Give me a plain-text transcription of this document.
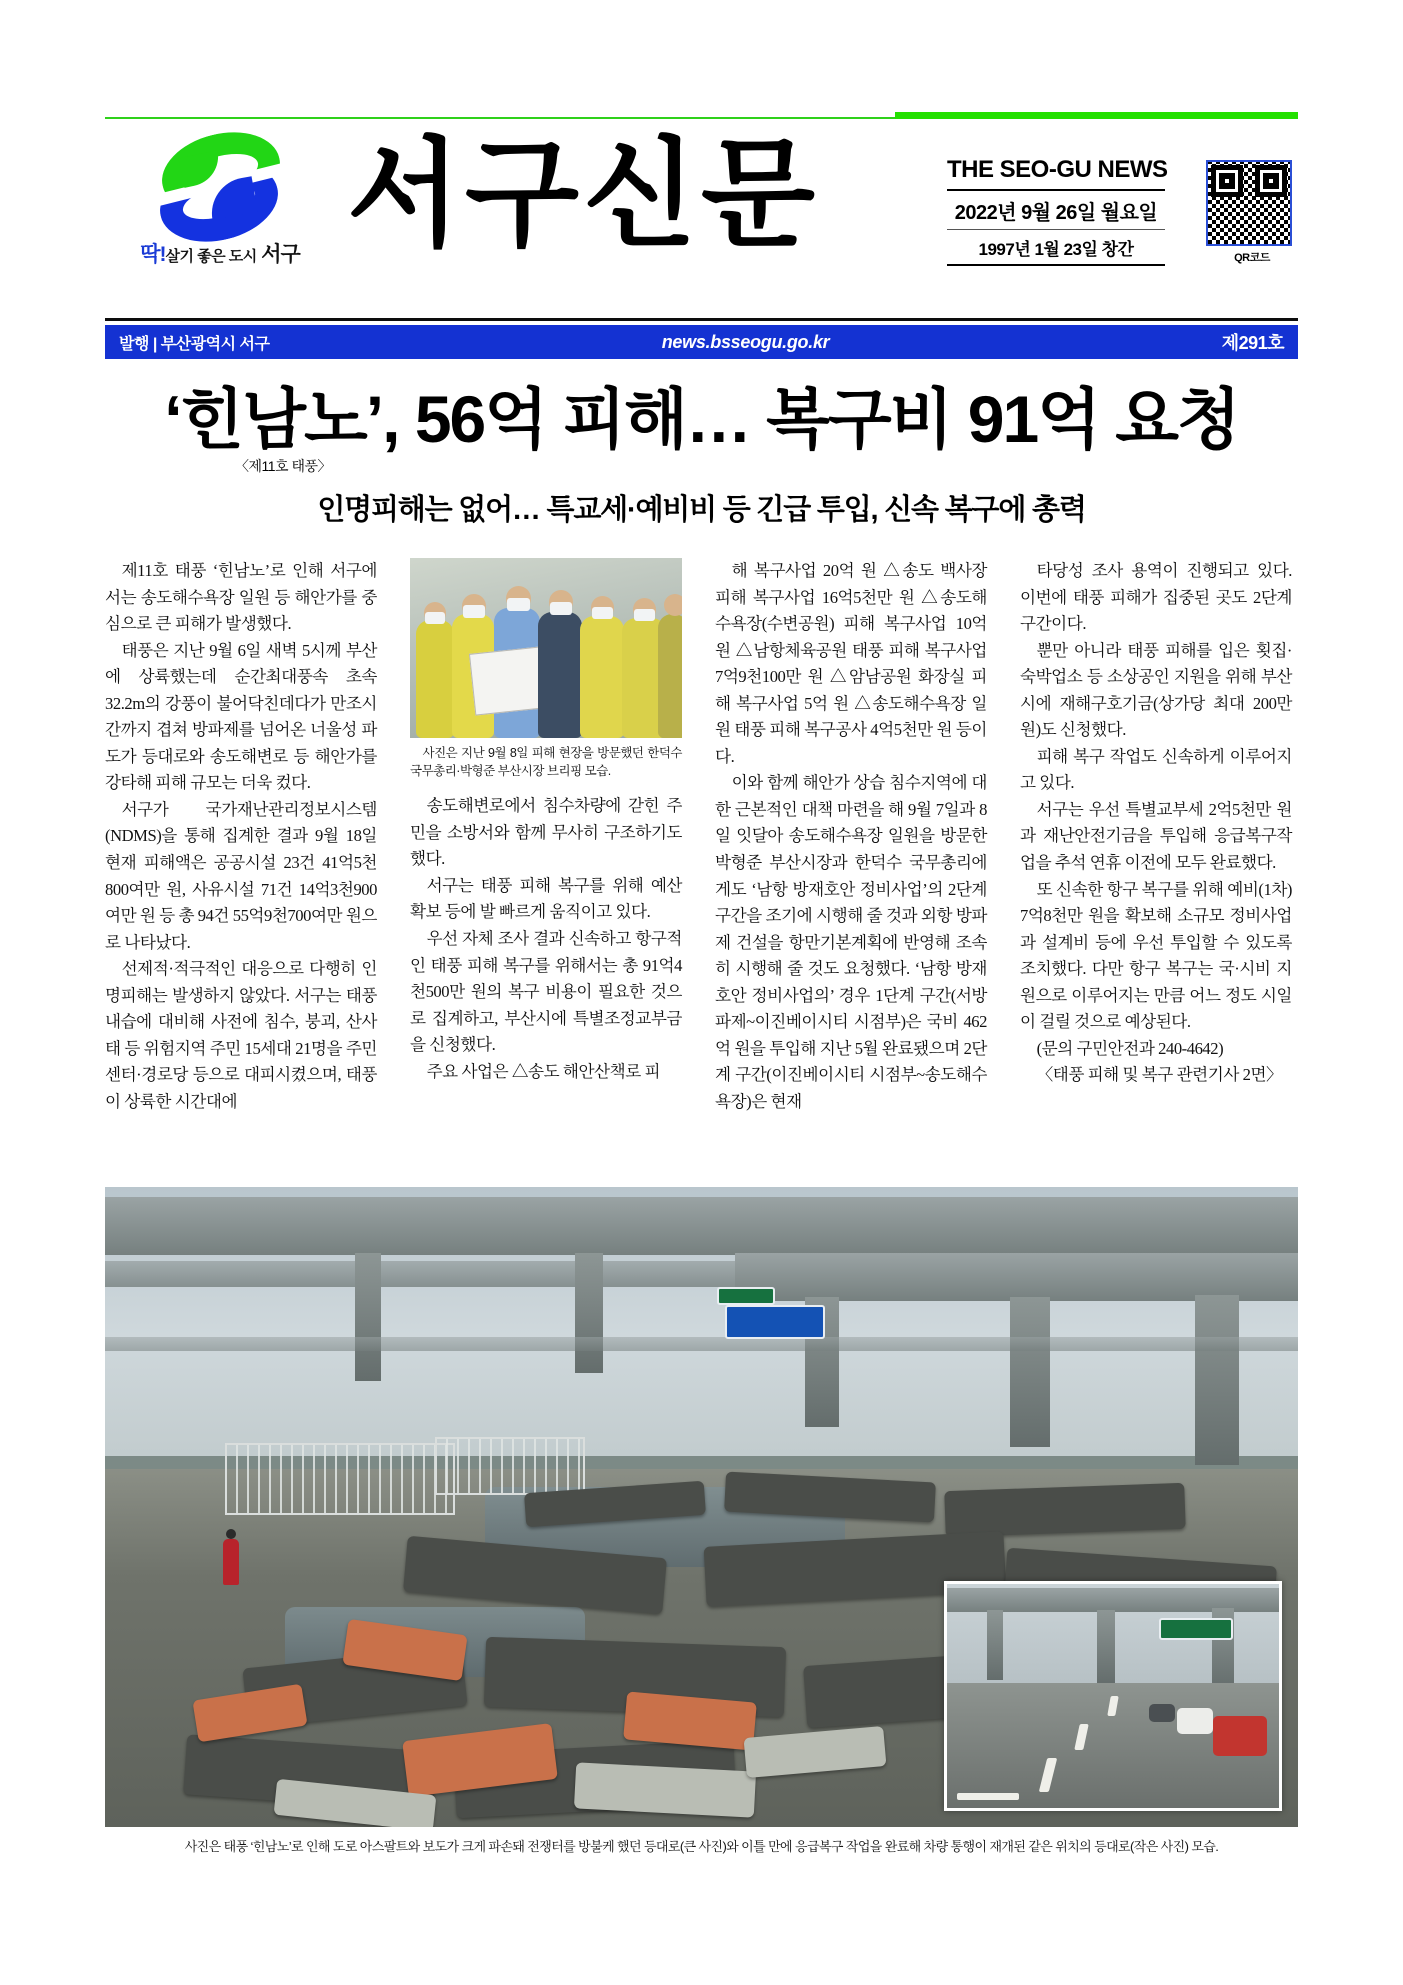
딱!살기 좋은 도시 서구 서구신문	THE SEO-GU NEWS
2022년 9월 26일 월요일
1997년 1월 23일 창간	QR코드
발행 | 부산광역시 서구	news.bsseogu.go.kr	제291호
‘힌남노’, 56억 피해… 복구비 91억 요청
〈제11호 태풍〉
인명피해는 없어… 특교세·예비비 등 긴급 투입, 신속 복구에 총력

제11호 태풍 ‘힌남노’로 인해 서구에서는 송도해수욕장 일원 등 해안가를 중심으로 큰 피해가 발생했다.

태풍은 지난 9월 6일 새벽 5시께 부산에 상륙했는데 순간최대풍속 초속 32.2m의 강풍이 불어닥친데다가 만조시간까지 겹쳐 방파제를 넘어온 너울성 파도가 등대로와 송도해변로 등 해안가를 강타해 피해 규모는 더욱 컸다.

서구가 국가재난관리정보시스템(NDMS)을 통해 집계한 결과 9월 18일 현재 피해액은 공공시설 23건 41억5천800여만 원, 사유시설 71건 14억3천900여만 원 등 총 94건 55억9천700여만 원으로 나타났다.

선제적·적극적인 대응으로 다행히 인명피해는 발생하지 않았다. 서구는 태풍 내습에 대비해 사전에 침수, 붕괴, 산사태 등 위험지역 주민 15세대 21명을 주민센터·경로당 등으로 대피시켰으며, 태풍이 상륙한 시간대에

사진은 지난 9월 8일 피해 현장을 방문했던 한덕수 국무총리·박형준 부산시장 브리핑 모습.

송도해변로에서 침수차량에 갇힌 주민을 소방서와 함께 무사히 구조하기도 했다.

서구는 태풍 피해 복구를 위해 예산 확보 등에 발 빠르게 움직이고 있다.

우선 자체 조사 결과 신속하고 항구적인 태풍 피해 복구를 위해서는 총 91억4천500만 원의 복구 비용이 필요한 것으로 집계하고, 부산시에 특별조정교부금을 신청했다.

주요 사업은 △송도 해안산책로 피

해 복구사업 20억 원 △송도 백사장 피해 복구사업 16억5천만 원 △송도해수욕장(수변공원) 피해 복구사업 10억 원 △남항체육공원 태풍 피해 복구사업 7억9천100만 원 △암남공원 화장실 피해 복구사업 5억 원 △송도해수욕장 일원 태풍 피해 복구공사 4억5천만 원 등이다.

이와 함께 해안가 상습 침수지역에 대한 근본적인 대책 마련을 해 9월 7일과 8일 잇달아 송도해수욕장 일원을 방문한 박형준 부산시장과 한덕수 국무총리에게도 ‘남항 방재호안 정비사업’의 2단계 구간을 조기에 시행해 줄 것과 외항 방파제 건설을 항만기본계획에 반영해 조속히 시행해 줄 것도 요청했다. ‘남항 방재호안 정비사업의’ 경우 1단계 구간(서방파제~이진베이시티 시점부)은 국비 462억 원을 투입해 지난 5월 완료됐으며 2단계 구간(이진베이시티 시점부~송도해수욕장)은 현재

타당성 조사 용역이 진행되고 있다. 이번에 태풍 피해가 집중된 곳도 2단계 구간이다.

뿐만 아니라 태풍 피해를 입은 횟집·숙박업소 등 소상공인 지원을 위해 부산시에 재해구호기금(상가당 최대 200만 원)도 신청했다.

피해 복구 작업도 신속하게 이루어지고 있다.

서구는 우선 특별교부세 2억5천만 원과 재난안전기금을 투입해 응급복구작업을 추석 연휴 이전에 모두 완료했다.

또 신속한 항구 복구를 위해 예비(1차) 7억8천만 원을 확보해 소규모 정비사업과 설계비 등에 우선 투입할 수 있도록 조치했다. 다만 항구 복구는 국·시비 지원으로 이루어지는 만큼 어느 정도 시일이 걸릴 것으로 예상된다.

(문의 구민안전과 240-4642)

〈태풍 피해 및 복구 관련기사 2면〉

사진은 태풍 ‘힌남노’로 인해 도로 아스팔트와 보도가 크게 파손돼 전쟁터를 방불케 했던 등대로(큰 사진)와 이틀 만에 응급복구 작업을 완료해 차량 통행이 재개된 같은 위치의 등대로(작은 사진) 모습.
